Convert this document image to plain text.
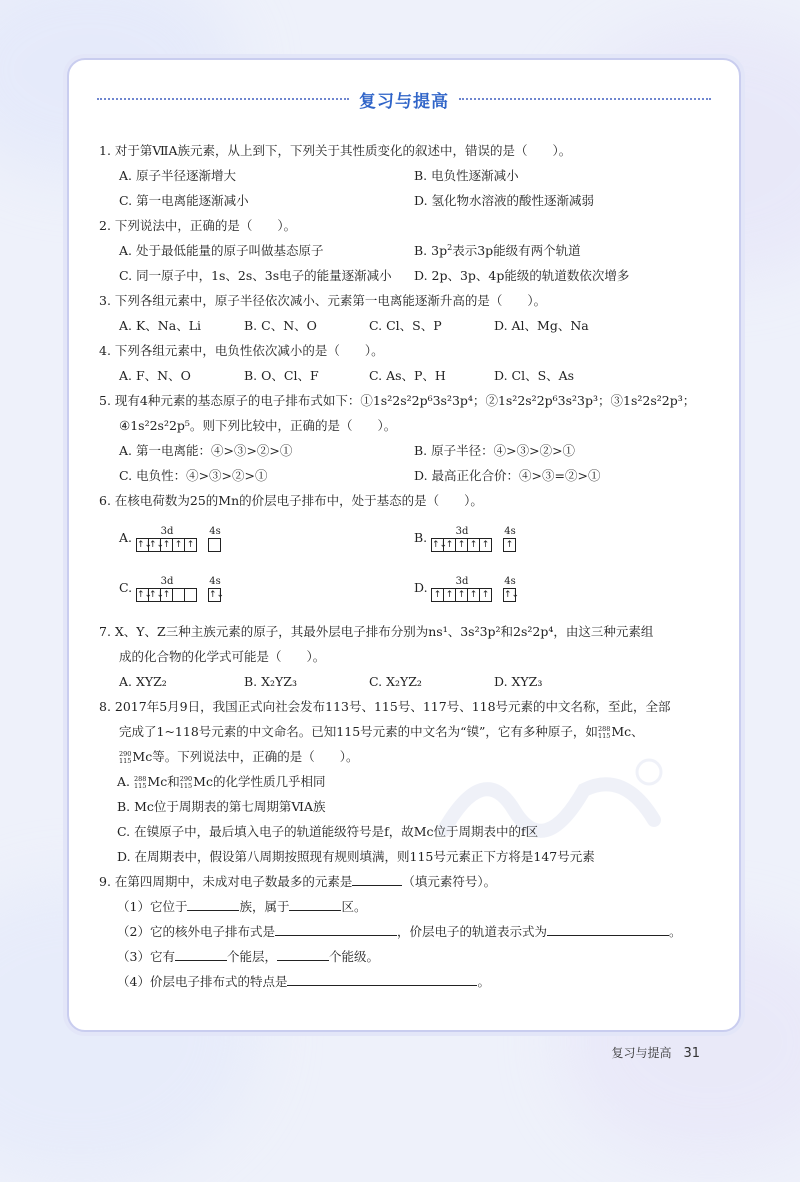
复习与提高

1. 对于第ⅦA族元素，从上到下，下列关于其性质变化的叙述中，错误的是（　　）。

A. 原子半径逐渐增大	B. 电负性逐渐减小
C. 第一电离能逐渐减小	D. 氢化物水溶液的酸性逐渐减弱

2. 下列说法中，正确的是（　　）。

A. 处于最低能量的原子叫做基态原子	B. $3p^2$表示3p能级有两个轨道
C. 同一原子中，1s、2s、3s电子的能量逐渐减小	D. 2p、3p、4p能级的轨道数依次增多

3. 下列各组元素中，原子半径依次减小、元素第一电离能逐渐升高的是（　　）。

A. K、Na、Li	B. C、N、O	C. Cl、S、P	D. Al、Mg、Na

4. 下列各组元素中，电负性依次减小的是（　　）。

A. F、N、O	B. O、Cl、F	C. As、P、H	D. Cl、S、As

5. 现有4种元素的基态原子的电子排布式如下：①1s²2s²2p⁶3s²3p⁴；②1s²2s²2p⁶3s²3p³；③1s²2s²2p³；

④1s²2s²2p⁵。则下列比较中，正确的是（　　）。

A. 第一电离能：④>③>②>①	B. 原子半径：④>③>②>①
C. 电负性：④>③>②>①	D. 最高正化合价：④>③=②>①

6. 在核电荷数为25的Mn的价层电子排布中，处于基态的是（　　）。

A.	3d
↑↓
↑↓
↑ ↑ ↑
4s	B.	3d
↑↓
↑ ↑ ↑ ↑
4s
↑
C.	3d
↑↓
↑↓
↑
4s
↑↓	D.	3d
↑ ↑ ↑ ↑ ↑
4s
↑↓

7. X、Y、Z三种主族元素的原子，其最外层电子排布分别为ns¹、3s²3p²和2s²2p⁴，由这三种元素组

成的化合物的化学式可能是（　　）。

A. XYZ₂	B. X₂YZ₃	C. X₂YZ₂	D. XYZ₃

8. 2017年5月9日，我国正式向社会发布113号、115号、117号、118号元素的中文名称，至此，全部

完成了1~118号元素的中文命名。已知115号元素的中文名为“镆”，它有多种原子，如 288
115 Mc、

290
115 Mc等。下列说法中，正确的是（　　）。

A. 288
115 Mc和 290
115 Mc的化学性质几乎相同

B. Mc位于周期表的第七周期第ⅥA族

C. 在镆原子中，最后填入电子的轨道能级符号是f，故Mc位于周期表中的f区

D. 在周期表中，假设第八周期按照现有规则填满，则115号元素正下方将是147号元素

9. 在第四周期中，未成对电子数最多的元素是	（填元素符号）。

（1）它位于	族，属于	区。

（2）它的核外电子排布式是	，价层电子的轨道表示式为	。

（3）它有	个能层，	个能级。

（4）价层电子排布式的特点是	。

复习与提高 31
